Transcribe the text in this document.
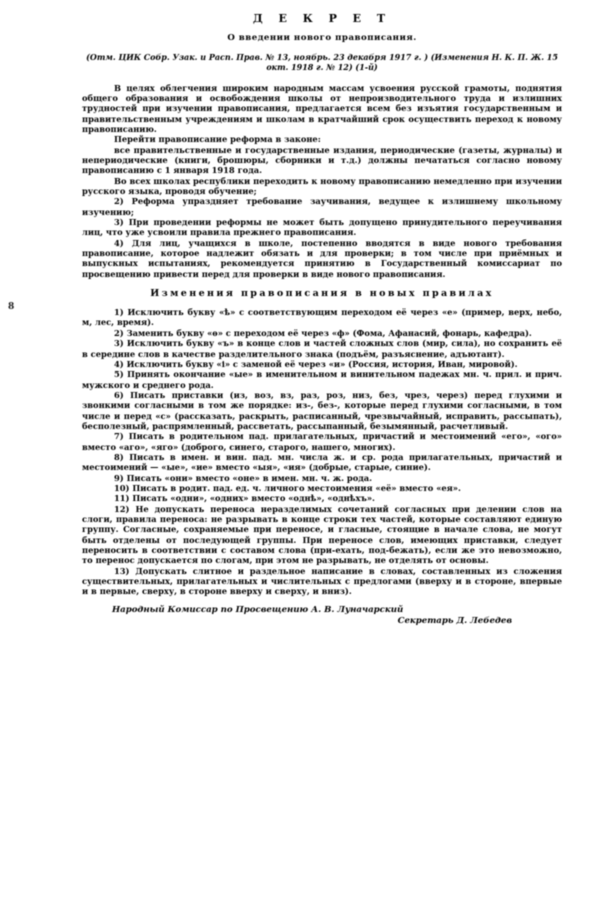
8
Д Е К Р Е Т
О введении нового правописания.
(Отм. ЦИК Собр. Узак. и Расп. Прав. № 13, ноябрь. 23 декабря 1917 г. ) (Изменения Н. К. П. Ж. 15 окт. 1918 г. № 12) (1-й)

В целях облегчения широким народным массам усвоения русской грамоты, поднятия общего образования и освобождения школы от непроизводительного труда и излишних трудностей при изучении правописания, предлагается всем без изъятия государственным и правительственным учреждениям и школам в кратчайший срок осуществить переход к новому правописанию.

Перейти правописание реформа в законе:

все правительственные и государственные издания, периодические (газеты, журналы) и непериодические (книги, брошюры, сборники и т.д.) должны печататься согласно новому правописанию с 1 января 1918 года.

Во всех школах республики переходить к новому правописанию немедленно при изучении русского языка, проводя обучение;

2) Реформа упраздняет требование заучивания, ведущее к излишнему школьному изучению;

3) При проведении реформы не может быть допущено принудительного переучивания лиц, что уже усвоили правила прежнего правописания.

4) Для лиц, учащихся в школе, постепенно вводятся в виде нового требования правописание, которое надлежит обязать и для проверки; в том числе при приёмных и выпускных испытаниях, рекомендуется принятию в Государственный комиссариат по просвещению привести перед для проверки в виде нового правописания.

Изменения правописания в новых правилах

1) Исключить букву «ѣ» с соответствующим переходом её через «е» (пример, верх, небо, м, лес, время).

2) Заменить букву «ѳ» с переходом её через «ф» (Фома, Афанасий, фонарь, кафедра).

3) Исключить букву «ъ» в конце слов и частей сложных слов (мир, сила), но сохранить её в середине слов в качестве разделительного знака (подъём, разъяснение, адъютант).

4) Исключить букву «і» с заменой её через «и» (Россия, история, Иван, мировой).

5) Принять окончание «ые» в именительном и винительном падежах мн. ч. прил. и прич. мужского и среднего рода.

6) Писать приставки (из, воз, вз, раз, роз, низ, без, чрез, через) перед глухими и звонкими согласными в том же порядке: из-, без-, которые перед глухими согласными, в том числе и перед «с» (рассказать, раскрыть, расписанный, чрезвычайный, исправить, рассыпать), бесполезный, распрямленный, рассветать, рассыпанный, безымянный, расчетливый.

7) Писать в родительном пад. прилагательных, причастий и местоимений «его», «ого» вместо «аго», «яго» (доброго, синего, старого, нашего, многих).

8) Писать в имен. и вин. пад. мн. числа ж. и ср. рода прилагательных, причастий и местоимений — «ые», «ие» вместо «ыя», «ия» (добрые, старые, синие).

9) Писать «они» вместо «оне» в имен. мн. ч. ж. рода.

10) Писать в родит. пад. ед. ч. личного местоимения «её» вместо «ея».

11) Писать «одни», «одних» вместо «однѣ», «однѣхъ».

12) Не допускать переноса неразделимых сочетаний согласных при делении слов на слоги, правила переноса: не разрывать в конце строки тех частей, которые составляют единую группу. Согласные, сохраняемые при переносе, и гласные, стоящие в начале слова, не могут быть отделены от последующей группы. При переносе слов, имеющих приставки, следует переносить в соответствии с составом слова (при-ехать, под-бежать), если же это невозможно, то перенос допускается по слогам, при этом не разрывать, не отделять от основы.

13) Допускать слитное и раздельное написание в словах, составленных из сложения существительных, прилагательных и числительных с предлогами (вверху и в стороне, впервые и в первые, сверху, в стороне вверху и сверху, и вниз).

Народный Комиссар по Просвещению А. В. Луначарский
Секретарь Д. Лебедев
